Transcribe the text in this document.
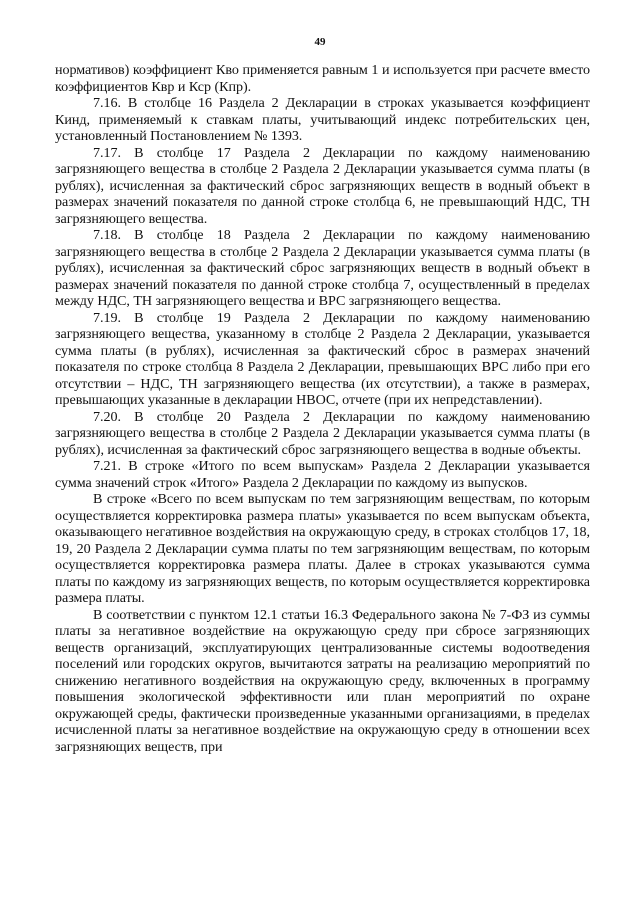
49

нормативов) коэффициент Кво применяется равным 1 и используется при расчете вместо коэффициентов Квр и Кср (Кпр).

7.16. В столбце 16 Раздела 2 Декларации в строках указывается коэффициент Кинд, применяемый к ставкам платы, учитывающий индекс потребительских цен, установленный Постановлением № 1393.

7.17. В столбце 17 Раздела 2 Декларации по каждому наименованию загрязняющего вещества в столбце 2 Раздела 2 Декларации указывается сумма платы (в рублях), исчисленная за фактический сброс загрязняющих веществ в водный объект в размерах значений показателя по данной строке столбца 6, не превышающий НДС, ТН загрязняющего вещества.

7.18. В столбце 18 Раздела 2 Декларации по каждому наименованию загрязняющего вещества в столбце 2 Раздела 2 Декларации указывается сумма платы (в рублях), исчисленная за фактический сброс загрязняющих веществ в водный объект в размерах значений показателя по данной строке столбца 7, осуществленный в пределах между НДС, ТН загрязняющего вещества и ВРС загрязняющего вещества.

7.19. В столбце 19 Раздела 2 Декларации по каждому наименованию загрязняющего вещества, указанному в столбце 2 Раздела 2 Декларации, указывается сумма платы (в рублях), исчисленная за фактический сброс в размерах значений показателя по строке столбца 8 Раздела 2 Декларации, превышающих ВРС либо при его отсутствии – НДС, ТН загрязняющего вещества (их отсутствии), а также в размерах, превышающих указанные в декларации НВОС, отчете (при их непредставлении).

7.20. В столбце 20 Раздела 2 Декларации по каждому наименованию загрязняющего вещества в столбце 2 Раздела 2 Декларации указывается сумма платы (в рублях), исчисленная за фактический сброс загрязняющего вещества в водные объекты.

7.21. В строке «Итого по всем выпускам» Раздела 2 Декларации указывается сумма значений строк «Итого» Раздела 2 Декларации по каждому из выпусков.

В строке «Всего по всем выпускам по тем загрязняющим веществам, по которым осуществляется корректировка размера платы» указывается по всем выпускам объекта, оказывающего негативное воздействия на окружающую среду, в строках столбцов 17, 18, 19, 20 Раздела 2 Декларации сумма платы по тем загрязняющим веществам, по которым осуществляется корректировка размера платы. Далее в строках указываются сумма платы по каждому из загрязняющих веществ, по которым осуществляется корректировка размера платы.

В соответствии с пунктом 12.1 статьи 16.3 Федерального закона № 7-ФЗ из суммы платы за негативное воздействие на окружающую среду при сбросе загрязняющих веществ организаций, эксплуатирующих централизованные системы водоотведения поселений или городских округов, вычитаются затраты на реализацию мероприятий по снижению негативного воздействия на окружающую среду, включенных в программу повышения экологической эффективности или план мероприятий по охране окружающей среды, фактически произведенные указанными организациями, в пределах исчисленной платы за негативное воздействие на окружающую среду в отношении всех загрязняющих веществ, при
